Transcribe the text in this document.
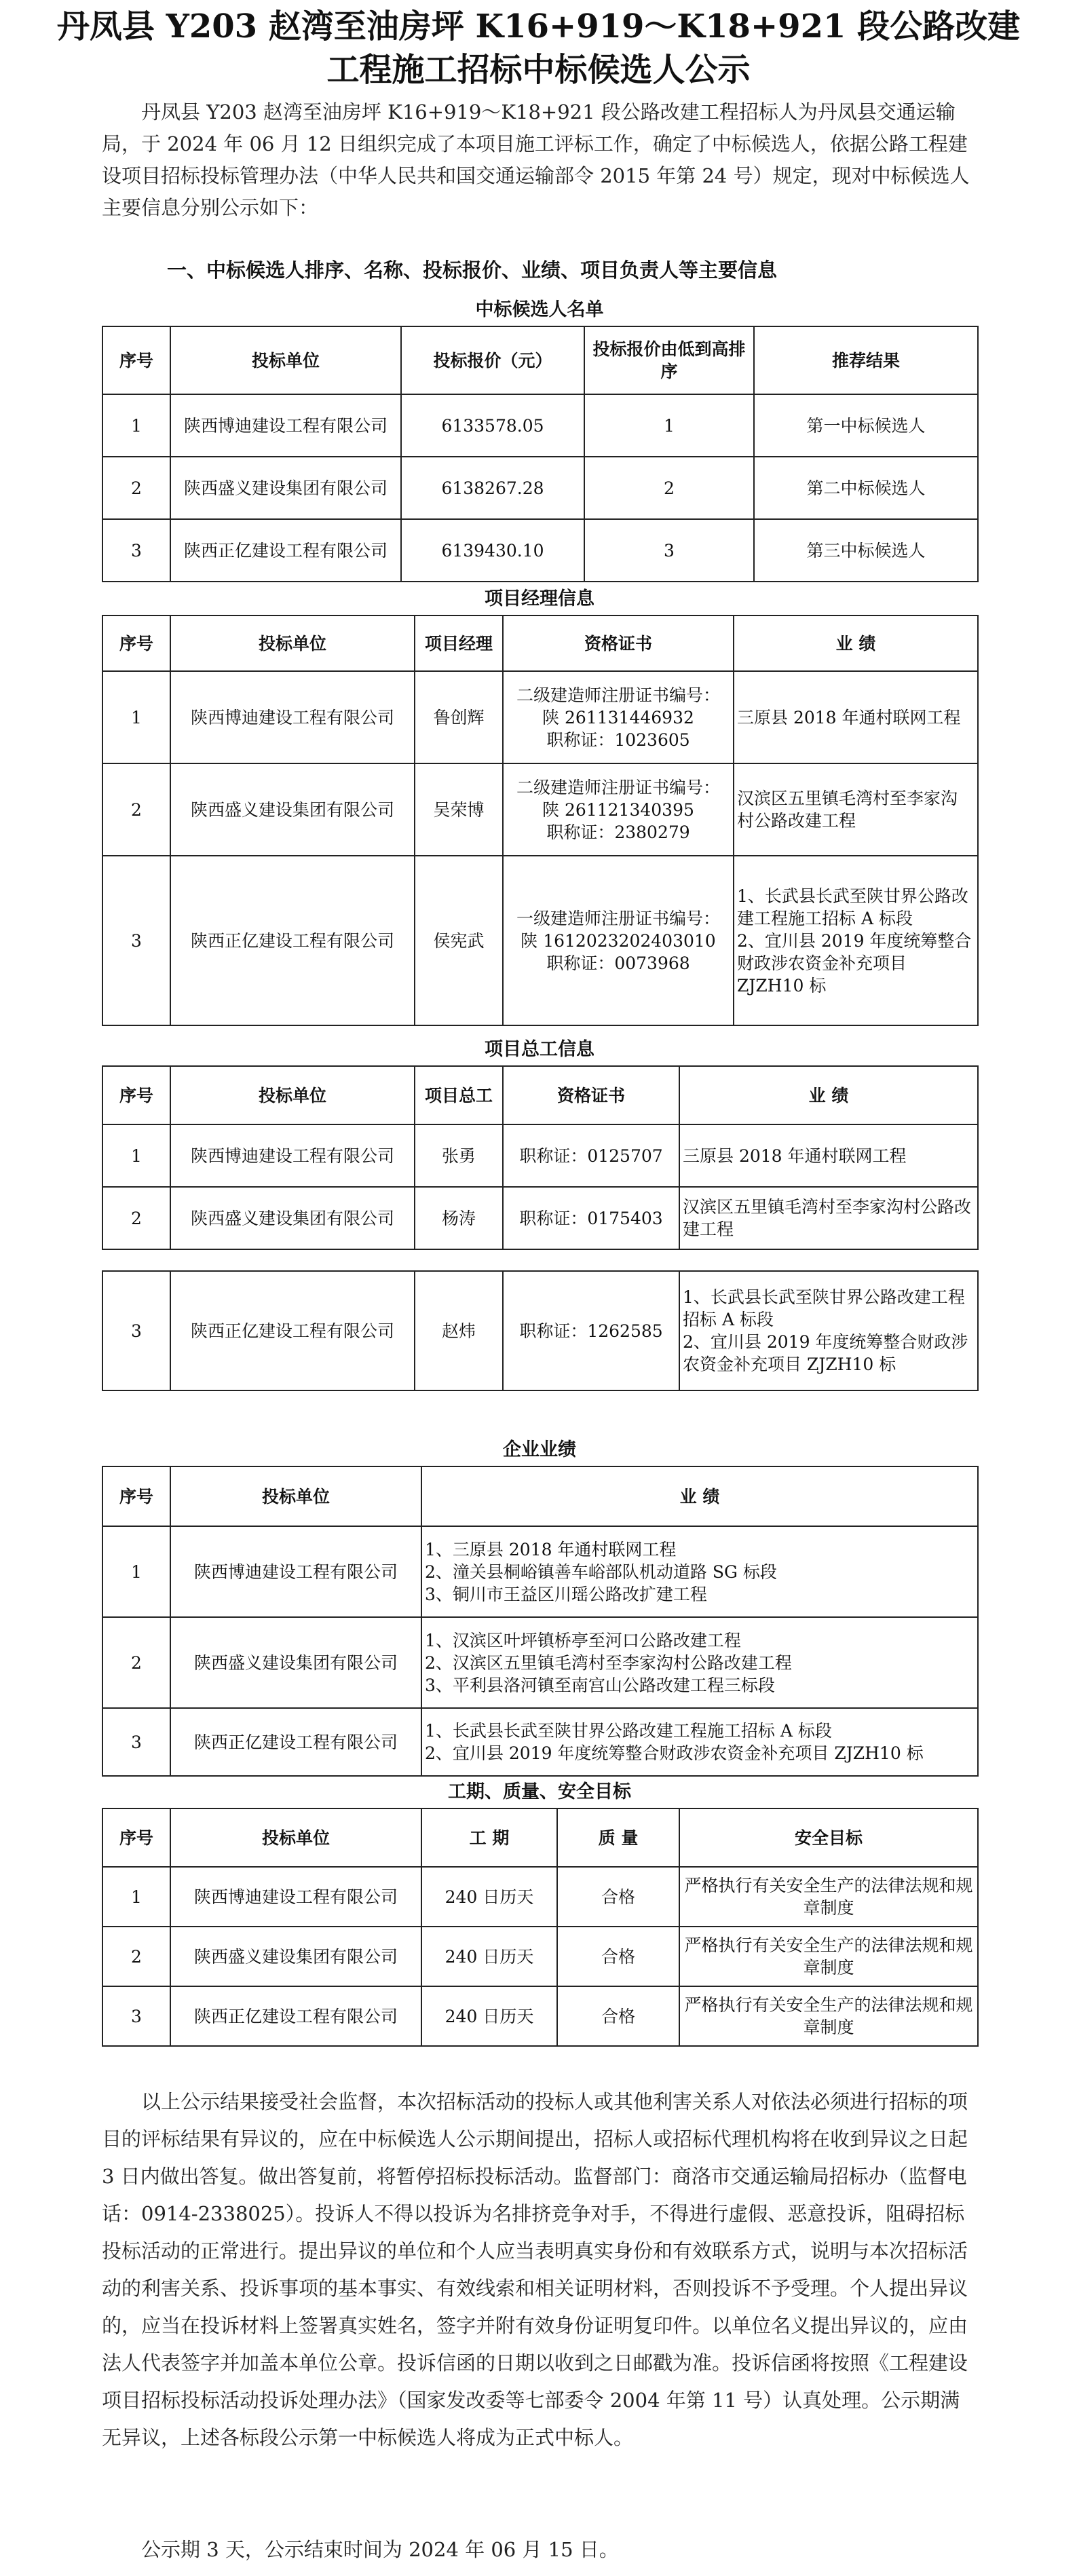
丹凤县 Y203 赵湾至油房坪 K16+919～K18+921 段公路改建
工程施工招标中标候选人公示
丹凤县 Y203 赵湾至油房坪 K16+919～K18+921 段公路改建工程招标人为丹凤县交通运输局，于 2024 年 06 月 12 日组织完成了本项目施工评标工作，确定了中标候选人，依据公路工程建设项目招标投标管理办法（中华人民共和国交通运输部令 2015 年第 24 号）规定，现对中标候选人主要信息分别公示如下：
一、中标候选人排序、名称、投标报价、业绩、项目负责人等主要信息
中标候选人名单
序号	投标单位	投标报价（元）	投标报价由低到高排序	推荐结果
1	陕西博迪建设工程有限公司	6133578.05	1	第一中标候选人
2	陕西盛义建设集团有限公司	6138267.28	2	第二中标候选人
3	陕西正亿建设工程有限公司	6139430.10	3	第三中标候选人
项目经理信息
序号	投标单位	项目经理	资格证书	业 绩
1	陕西博迪建设工程有限公司	鲁创辉	二级建造师注册证书编号：
陕 261131446932
职称证：1023605	三原县 2018 年通村联网工程

2	陕西盛义建设集团有限公司	吴荣博	二级建造师注册证书编号：
陕 261121340395
职称证：2380279	汉滨区五里镇毛湾村至李家沟村公路改建工程

3	陕西正亿建设工程有限公司	侯宪武	一级建造师注册证书编号：
陕 1612023202403010
职称证：0073968	1、长武县长武至陕甘界公路改建工程施工招标 A 标段
2、宜川县 2019 年度统筹整合财政涉农资金补充项目 ZJZH10 标
项目总工信息
序号	投标单位	项目总工	资格证书	业 绩
1	陕西博迪建设工程有限公司	张勇	职称证：0125707	三原县 2018 年通村联网工程

2	陕西盛义建设集团有限公司	杨涛	职称证：0175403	汉滨区五里镇毛湾村至李家沟村公路改建工程
3	陕西正亿建设工程有限公司	赵炜	职称证：1262585	
1、长武县长武至陕甘界公路改建工程招标 A 标段
2、宜川县 2019 年度统筹整合财政涉农资金补充项目 ZJZH10 标
企业业绩
序号	投标单位	业 绩
1	陕西博迪建设工程有限公司	1、三原县 2018 年通村联网工程
2、潼关县桐峪镇善车峪部队机动道路 SG 标段
3、铜川市王益区川瑶公路改扩建工程

2	陕西盛义建设集团有限公司	1、汉滨区叶坪镇桥亭至河口公路改建工程
2、汉滨区五里镇毛湾村至李家沟村公路改建工程
3、平利县洛河镇至南宫山公路改建工程三标段

3	陕西正亿建设工程有限公司	1、长武县长武至陕甘界公路改建工程施工招标 A 标段
2、宜川县 2019 年度统筹整合财政涉农资金补充项目 ZJZH10 标
工期、质量、安全目标
序号	投标单位	工 期	质 量	安全目标
1	陕西博迪建设工程有限公司	240 日历天	合格	严格执行有关安全生产的法律法规和规章制度
2	陕西盛义建设集团有限公司	240 日历天	合格	严格执行有关安全生产的法律法规和规章制度
3	陕西正亿建设工程有限公司	240 日历天	合格	严格执行有关安全生产的法律法规和规章制度
以上公示结果接受社会监督，本次招标活动的投标人或其他利害关系人对依法必须进行招标的项目的评标结果有异议的，应在中标候选人公示期间提出，招标人或招标代理机构将在收到异议之日起 3 日内做出答复。做出答复前，将暂停招标投标活动。监督部门：商洛市交通运输局招标办（监督电话：0914-2338025）。投诉人不得以投诉为名排挤竞争对手，不得进行虚假、恶意投诉，阻碍招标投标活动的正常进行。提出异议的单位和个人应当表明真实身份和有效联系方式，说明与本次招标活动的利害关系、投诉事项的基本事实、有效线索和相关证明材料，否则投诉不予受理。个人提出异议的，应当在投诉材料上签署真实姓名，签字并附有效身份证明复印件。以单位名义提出异议的，应由法人代表签字并加盖本单位公章。投诉信函的日期以收到之日邮戳为准。投诉信函将按照《工程建设项目招标投标活动投诉处理办法》（国家发改委等七部委令 2004 年第 11 号）认真处理。公示期满无异议，上述各标段公示第一中标候选人将成为正式中标人。
公示期 3 天，公示结束时间为 2024 年 06 月 15 日。
